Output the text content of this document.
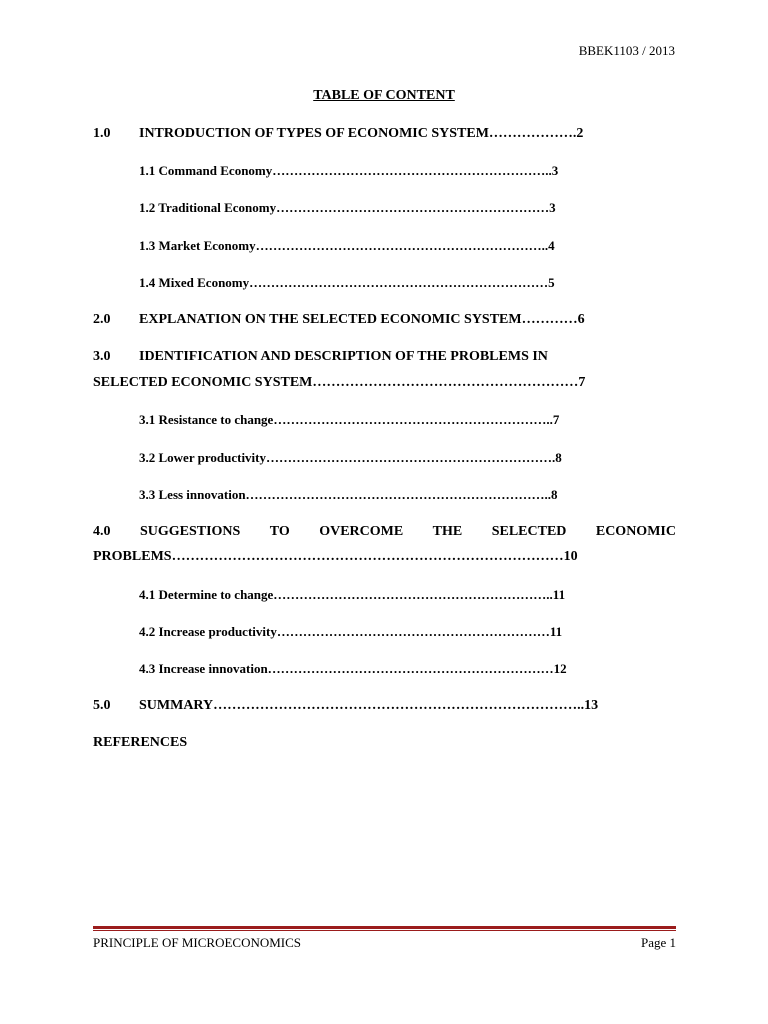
BBEK1103 / 2013
TABLE OF CONTENT
1.0 INTRODUCTION OF TYPES OF ECONOMIC SYSTEM……………….2
1.1 Command Economy………………………………………………………..3
1.2 Traditional Economy………………………………………………………3
1.3 Market Economy…………………………………………………………..4
1.4 Mixed Economy……………………………………………………………5
2.0 EXPLANATION ON THE SELECTED ECONOMIC SYSTEM…………6
3.0 IDENTIFICATION AND DESCRIPTION OF THE PROBLEMS IN
SELECTED ECONOMIC SYSTEM…………………………………………………7
3.1 Resistance to change………………………………………………………..7
3.2 Lower productivity………………………………………………………….8
3.3 Less innovation……………………………………………………………..8
4.0 SUGGESTIONS TO OVERCOME THE SELECTED ECONOMIC
PROBLEMS…………………………………………………………………………10
4.1 Determine to change………………………………………………………..11
4.2 Increase productivity………………………………………………………11
4.3 Increase innovation…………………………………………………………12
5.0 SUMMARY……………………………………………………………………..13
REFERENCES
PRINCIPLE OF MICROECONOMICS	Page 1
